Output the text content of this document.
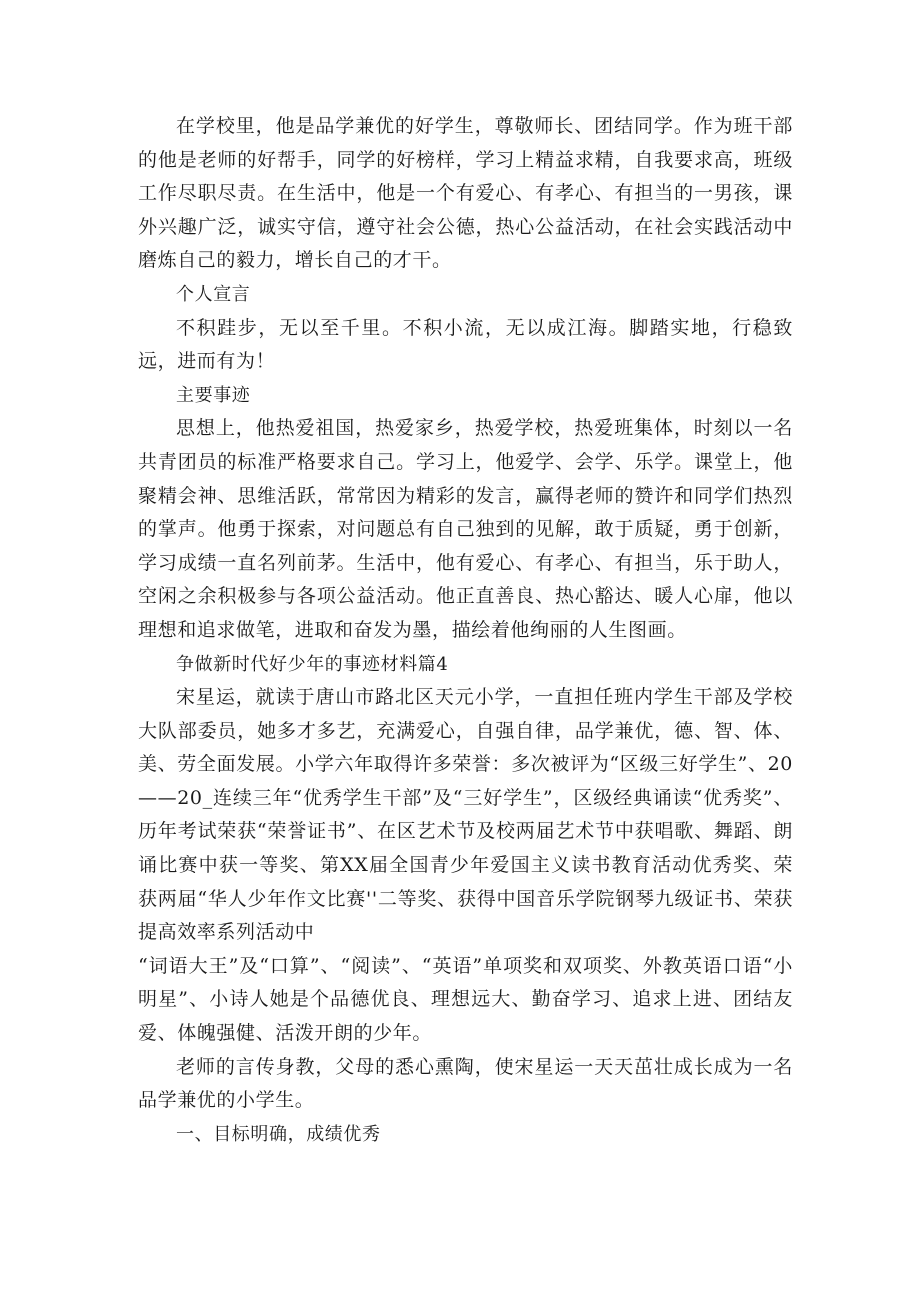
在学校里，他是品学兼优的好学生，尊敬师长、团结同学。作为班干部的他是老师的好帮手，同学的好榜样，学习上精益求精，自我要求高，班级工作尽职尽责。在生活中，他是一个有爱心、有孝心、有担当的一男孩，课外兴趣广泛，诚实守信，遵守社会公德，热心公益活动，在社会实践活动中磨炼自己的毅力，增长自己的才干。

个人宣言

不积跬步，无以至千里。不积小流，无以成江海。脚踏实地，行稳致远，进而有为！

主要事迹

思想上，他热爱祖国，热爱家乡，热爱学校，热爱班集体，时刻以一名共青团员的标准严格要求自己。学习上，他爱学、会学、乐学。课堂上，他聚精会神、思维活跃，常常因为精彩的发言，赢得老师的赞许和同学们热烈的掌声。他勇于探索，对问题总有自己独到的见解，敢于质疑，勇于创新，学习成绩一直名列前茅。生活中，他有爱心、有孝心、有担当，乐于助人，空闲之余积极参与各项公益活动。他正直善良、热心豁达、暖人心扉，他以理想和追求做笔，进取和奋发为墨，描绘着他绚丽的人生图画。

争做新时代好少年的事迹材料篇4

宋星运，就读于唐山市路北区天元小学，一直担任班内学生干部及学校大队部委员，她多才多艺，充满爱心，自强自律，品学兼优，德、智、体、美、劳全面发展。小学六年取得许多荣誉：多次被评为“区级三好学生”、20——20_连续三年“优秀学生干部”及“三好学生”，区级经典诵读“优秀奖”、历年考试荣获“荣誉证书”、在区艺术节及校两届艺术节中获唱歌、舞蹈、朗诵比赛中获一等奖、第XX届全国青少年爱国主义读书教育活动优秀奖、荣获两届“华人少年作文比赛''二等奖、获得中国音乐学院钢琴九级证书、荣获提高效率系列活动中

“词语大王”及“口算”、“阅读”、“英语”单项奖和双项奖、外教英语口语“小明星”、小诗人她是个品德优良、理想远大、勤奋学习、追求上进、团结友爱、体魄强健、活泼开朗的少年。

老师的言传身教，父母的悉心熏陶，使宋星运一天天茁壮成长成为一名品学兼优的小学生。

一、目标明确，成绩优秀
